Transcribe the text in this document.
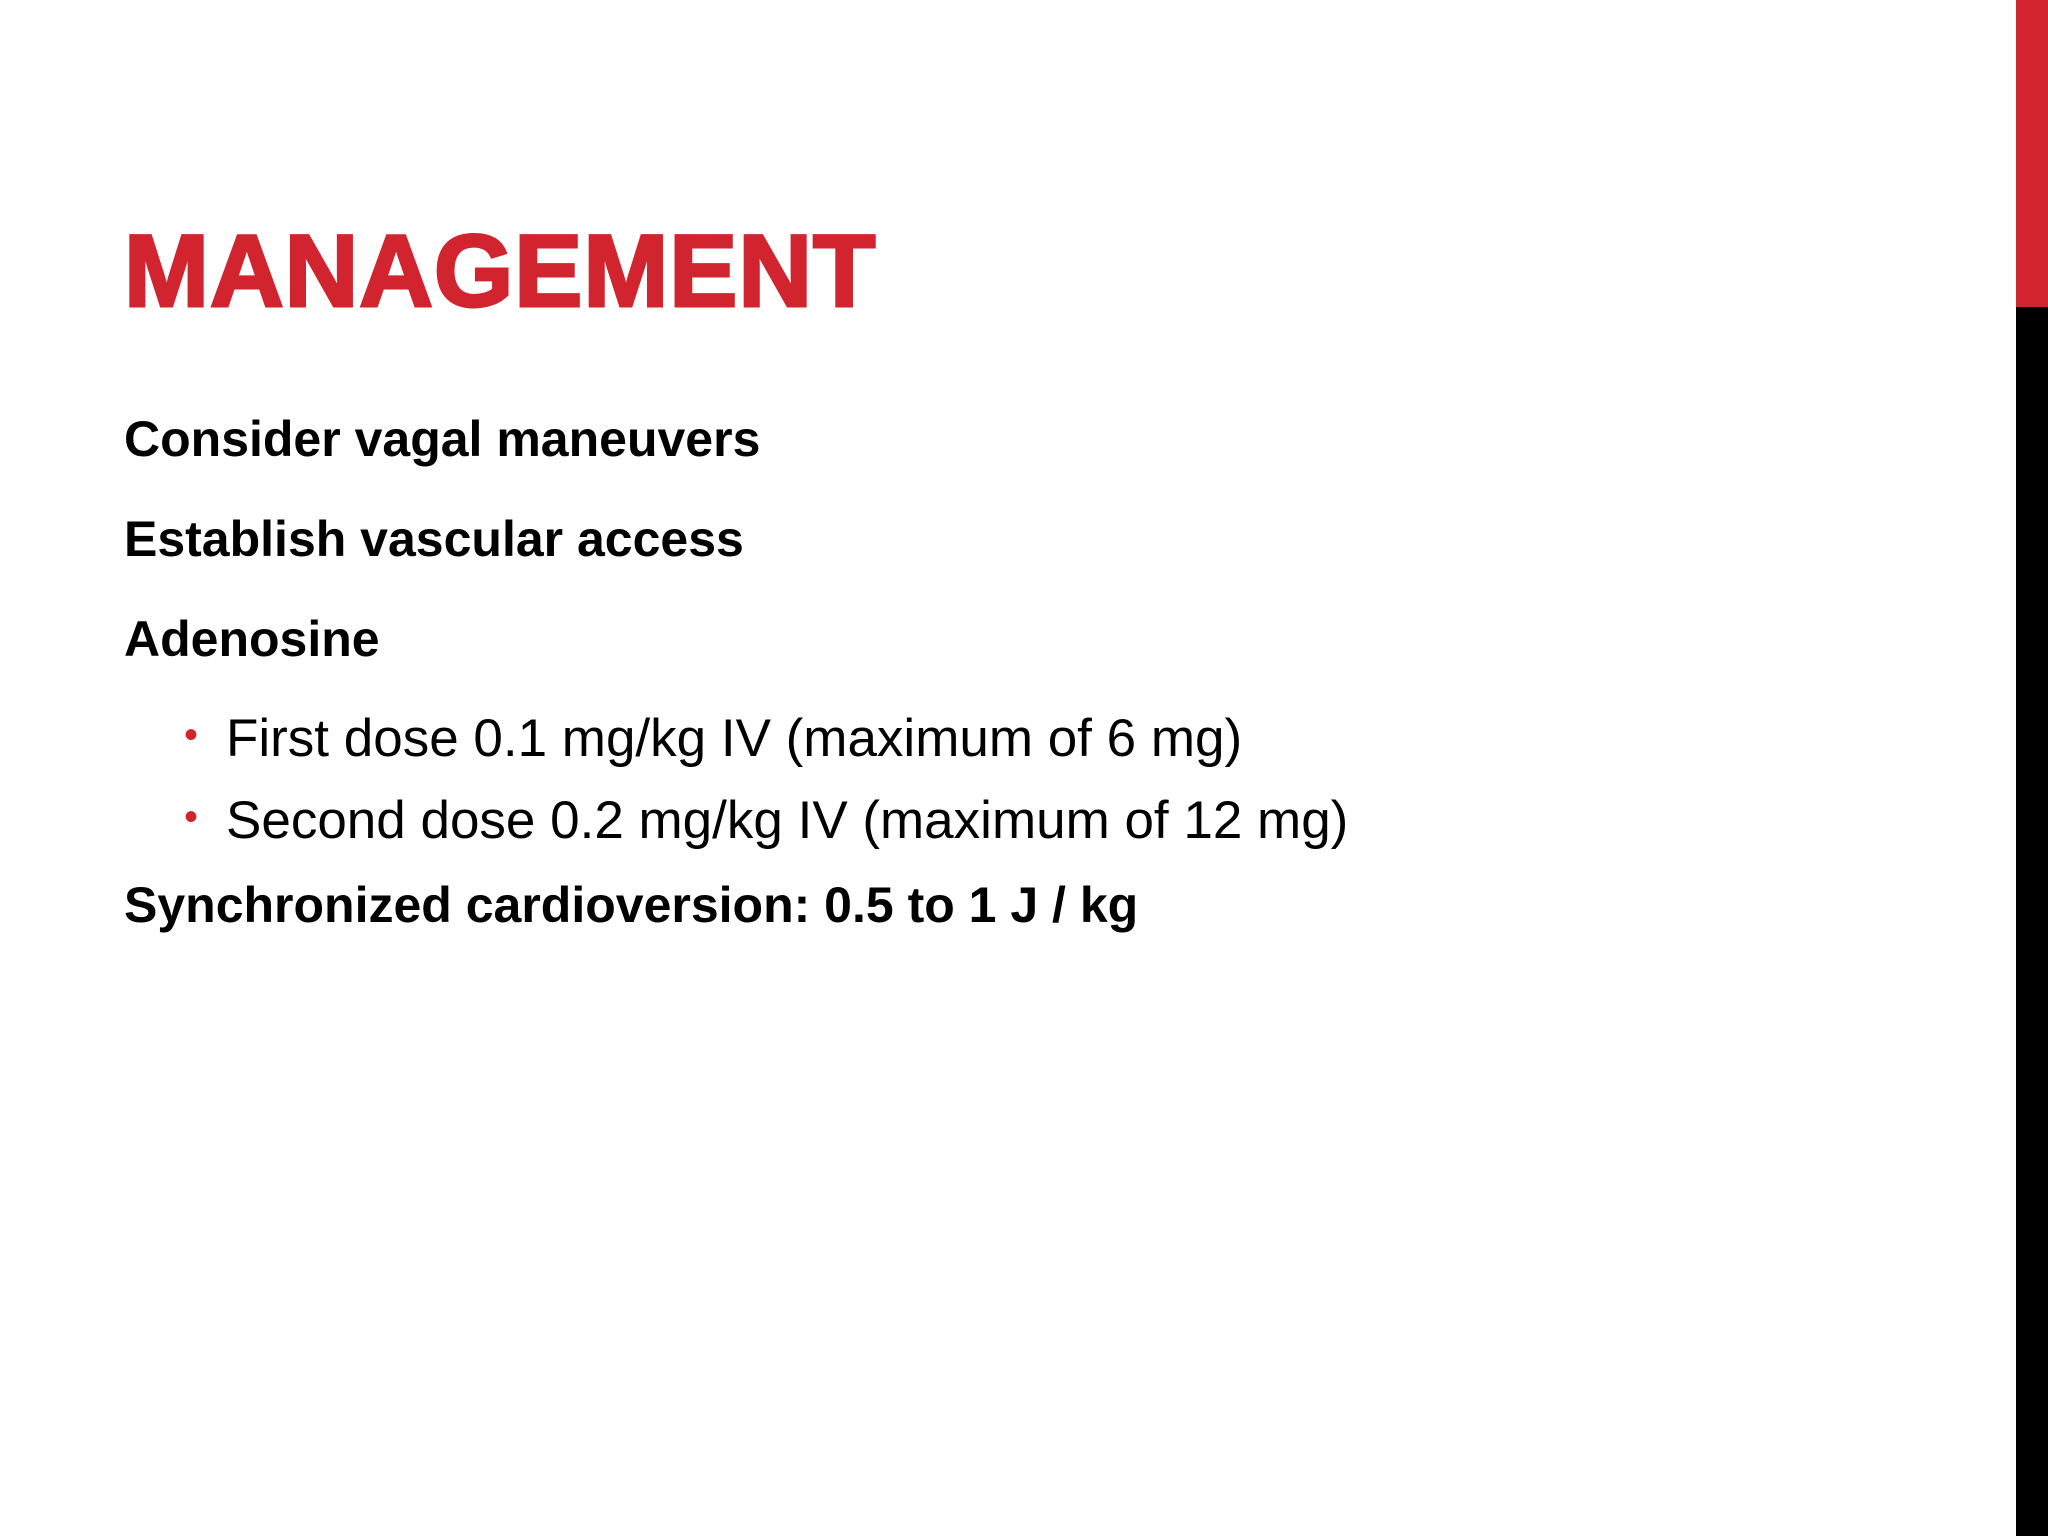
MANAGEMENT

Consider vagal maneuvers

Establish vascular access

Adenosine

• First dose 0.1 mg/kg IV (maximum of 6 mg)

• Second dose 0.2 mg/kg IV (maximum of 12 mg)

Synchronized cardioversion: 0.5 to 1 J / kg
